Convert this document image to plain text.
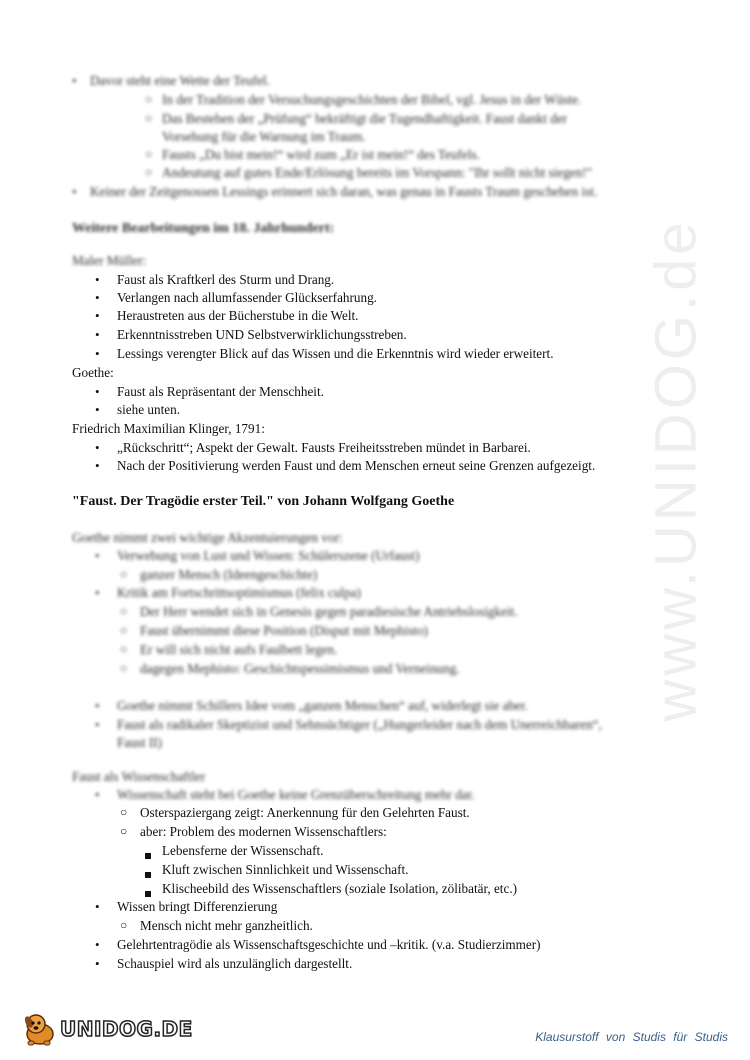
www.UNIDOG.de
• Davor steht eine Wette der Teufel.
○ In der Tradition der Versuchungsgeschichten der Bibel, vgl. Jesus in der Wüste.
○ Das Bestehen der „Prüfung“ bekräftigt die Tugendhaftigkeit. Faust dankt der
Vorsehung für die Warnung im Traum.
○ Fausts „Du bist mein!“ wird zum „Er ist mein!“ des Teufels.
○ Andeutung auf gutes Ende/Erlösung bereits im Vorspann: "Ihr sollt nicht siegen!"
• Keiner der Zeitgenossen Lessings erinnert sich daran, was genau in Fausts Traum geschehen ist.
Weitere Bearbeitungen im 18. Jahrhundert:
Maler Müller:
• Faust als Kraftkerl des Sturm und Drang.
• Verlangen nach allumfassender Glückserfahrung.
• Heraustreten aus der Bücherstube in die Welt.
• Erkenntnisstreben UND Selbstverwirklichungsstreben.
• Lessings verengter Blick auf das Wissen und die Erkenntnis wird wieder erweitert.
Goethe:
• Faust als Repräsentant der Menschheit.
• siehe unten.
Friedrich Maximilian Klinger, 1791:
• „Rückschritt“; Aspekt der Gewalt. Fausts Freiheitsstreben mündet in Barbarei.
• Nach der Positivierung werden Faust und dem Menschen erneut seine Grenzen aufgezeigt.
"Faust. Der Tragödie erster Teil." von Johann Wolfgang Goethe
Goethe nimmt zwei wichtige Akzentuierungen vor:
• Verwebung von Lust und Wissen: Schülerszene (Urfaust)
○ ganzer Mensch (Ideengeschichte)
• Kritik am Fortschrittsoptimismus (felix culpa)
○ Der Herr wendet sich in Genesis gegen paradiesische Antriebslosigkeit.
○ Faust übernimmt diese Position (Disput mit Mephisto)
○ Er will sich nicht aufs Faulbett legen.
○ dagegen Mephisto: Geschichtspessimismus und Verneinung.
• Goethe nimmt Schillers Idee vom „ganzen Menschen“ auf, widerlegt sie aber.
• Faust als radikaler Skeptizist und Sehnsüchtiger („Hungerleider nach dem Unerreichbaren“,
Faust II)
Faust als Wissenschaftler
• Wissenschaft steht bei Goethe keine Grenzüberschreitung mehr dar.
○ Osterspaziergang zeigt: Anerkennung für den Gelehrten Faust.
○ aber: Problem des modernen Wissenschaftlers:
Lebensferne der Wissenschaft.
Kluft zwischen Sinnlichkeit und Wissenschaft.
Klischeebild des Wissenschaftlers (soziale Isolation, zölibatär, etc.)
• Wissen bringt Differenzierung
○ Mensch nicht mehr ganzheitlich.
• Gelehrtentragödie als Wissenschaftsgeschichte und –kritik. (v.a. Studierzimmer)
• Schauspiel wird als unzulänglich dargestellt.
UNIDOG.DE	Klausurstoff von Studis für Studis
